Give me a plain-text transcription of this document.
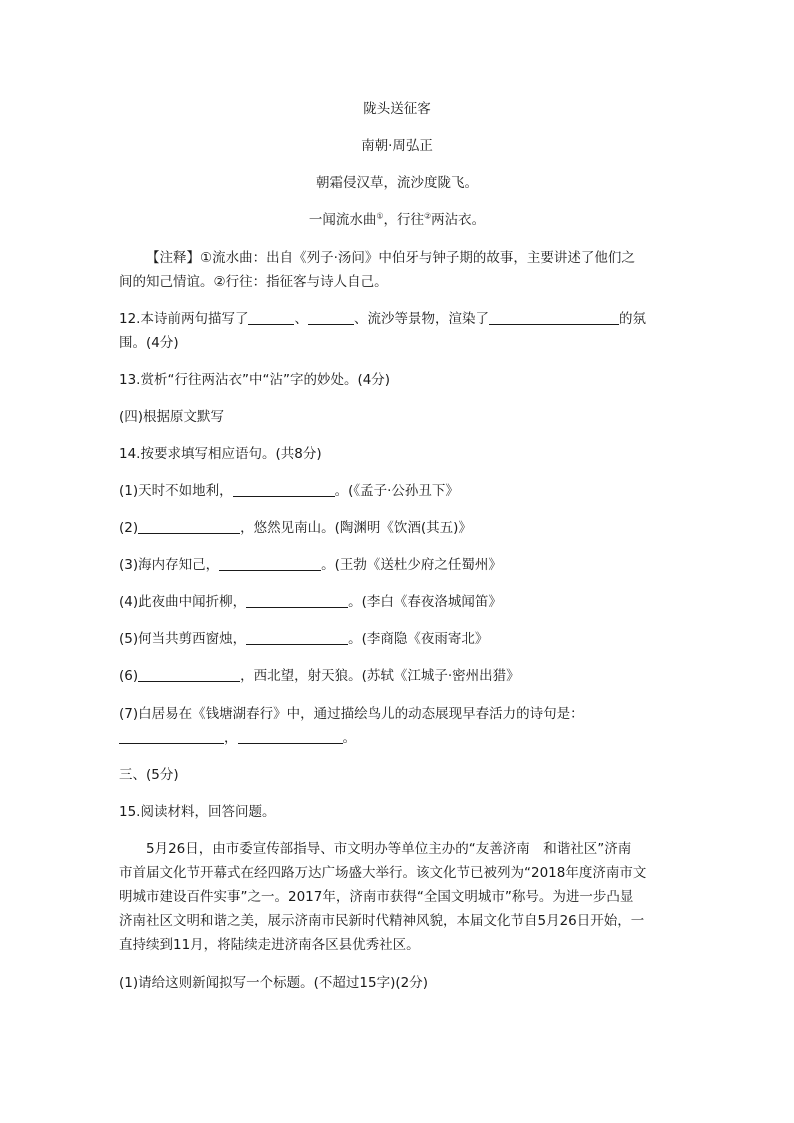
陇头送征客
南朝·周弘正
朝霜侵汉草，流沙度陇飞。
一闻流水曲①，行往②两沾衣。
【注释】①流水曲：出自《列子·汤问》中伯牙与钟子期的故事，主要讲述了他们之
间的知己情谊。②行往：指征客与诗人自己。
12.本诗前两句描写了	、	、流沙等景物，渲染了	的氛
围。(4分)
13.赏析“行往两沾衣”中“沾”字的妙处。(4分)
(四)根据原文默写
14.按要求填写相应语句。(共8分)
(1)天时不如地利，	。(《孟子·公孙丑下》
(2)	，悠然见南山。(陶渊明《饮酒(其五)》
(3)海内存知己，	。(王勃《送杜少府之任蜀州》
(4)此夜曲中闻折柳，	。(李白《春夜洛城闻笛》
(5)何当共剪西窗烛，	。(李商隐《夜雨寄北》
(6)	，西北望，射天狼。(苏轼《江城子·密州出猎》
(7)白居易在《钱塘湖春行》中，通过描绘鸟儿的动态展现早春活力的诗句是：
，	。
三、(5分)
15.阅读材料，回答问题。
5月26日，由市委宣传部指导、市文明办等单位主办的“友善济南　和谐社区”济南
市首届文化节开幕式在经四路万达广场盛大举行。该文化节已被列为“2018年度济南市文
明城市建设百件实事”之一。2017年，济南市获得“全国文明城市”称号。为进一步凸显
济南社区文明和谐之美，展示济南市民新时代精神风貌，本届文化节自5月26日开始，一
直持续到11月，将陆续走进济南各区县优秀社区。
(1)请给这则新闻拟写一个标题。(不超过15字)(2分)
